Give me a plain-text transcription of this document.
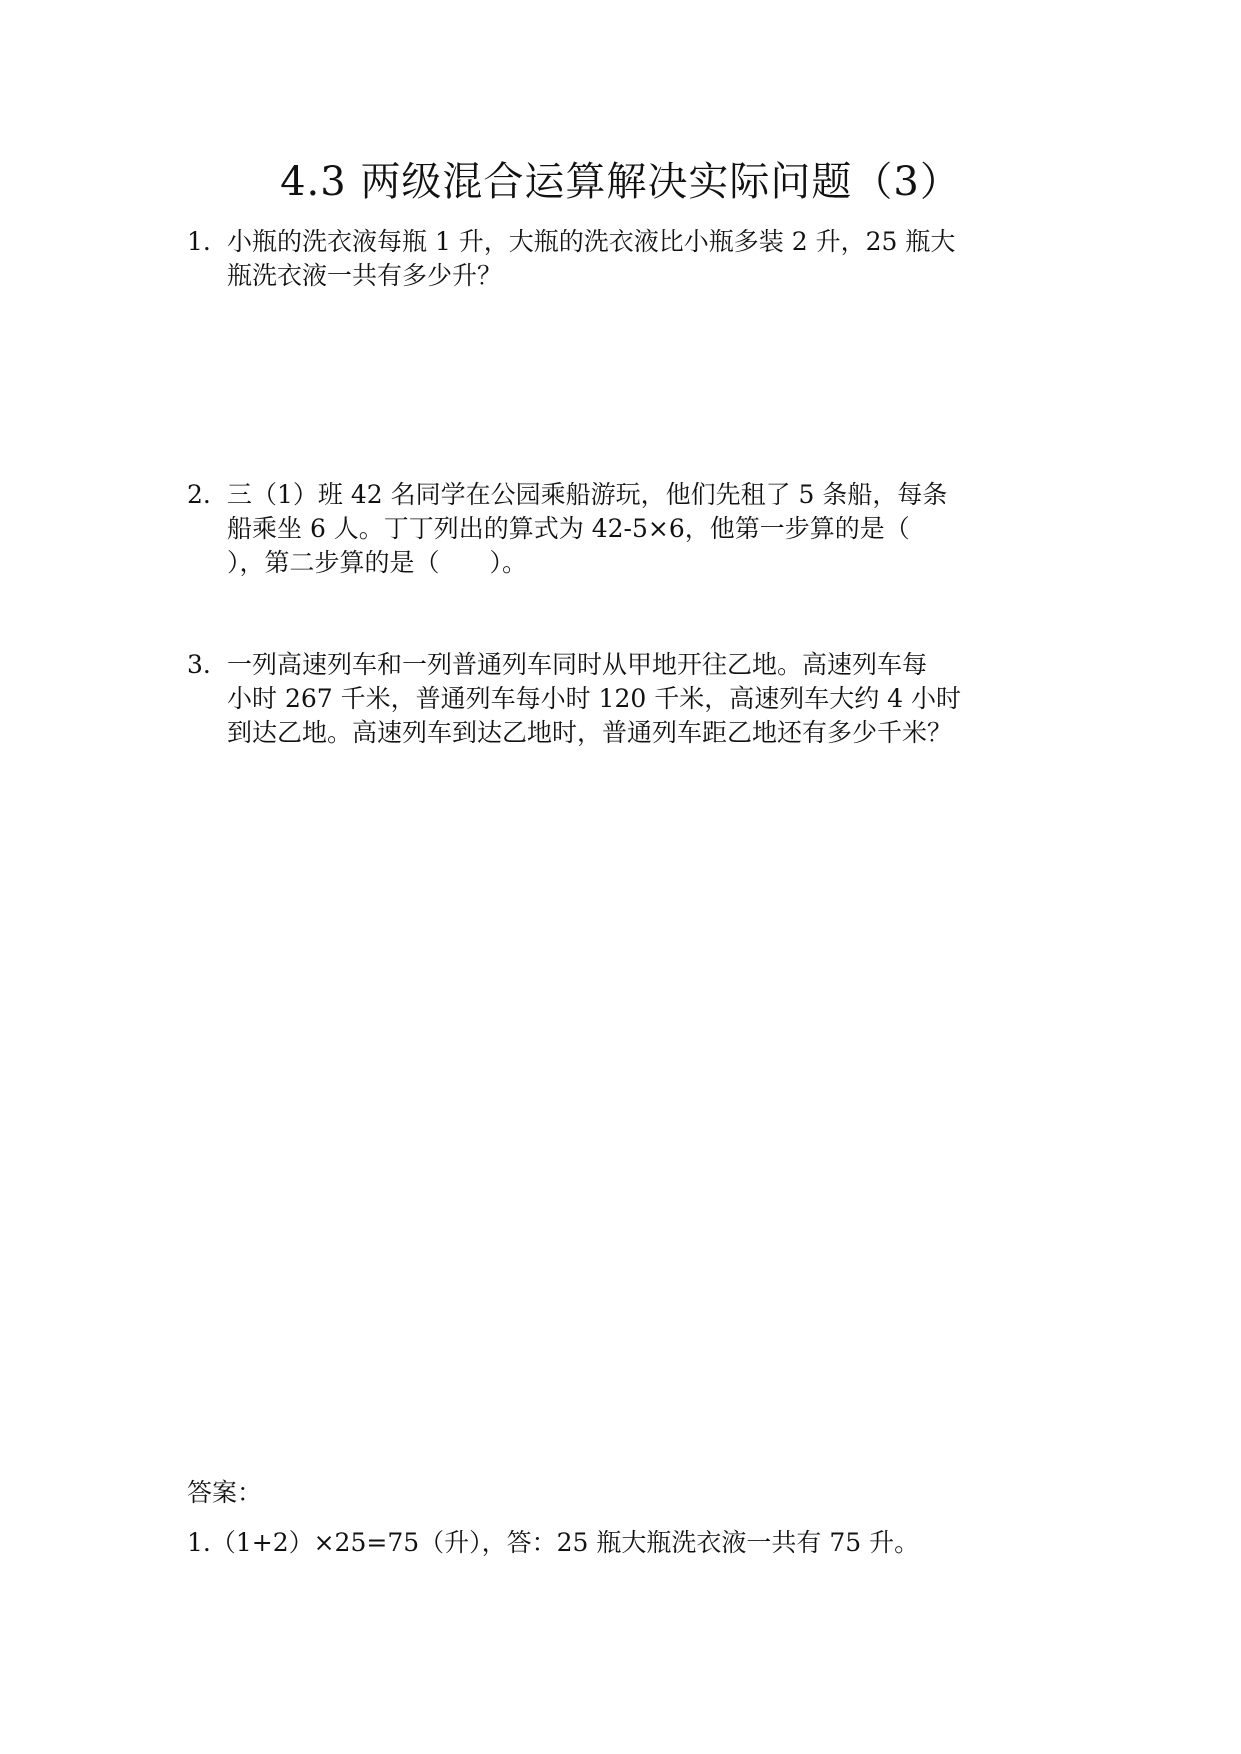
4.3 两级混合运算解决实际问题（3）
1. 小瓶的洗衣液每瓶 1 升，大瓶的洗衣液比小瓶多装 2 升，25 瓶大
瓶洗衣液一共有多少升？
2. 三（1）班 42 名同学在公园乘船游玩，他们先租了 5 条船，每条
船乘坐 6 人。丁丁列出的算式为 42-5×6，他第一步算的是（
），第二步算的是（　　）。
3. 一列高速列车和一列普通列车同时从甲地开往乙地。高速列车每
小时 267 千米，普通列车每小时 120 千米，高速列车大约 4 小时
到达乙地。高速列车到达乙地时，普通列车距乙地还有多少千米？
答案：
1.（1+2）×25=75（升），答：25 瓶大瓶洗衣液一共有 75 升。
